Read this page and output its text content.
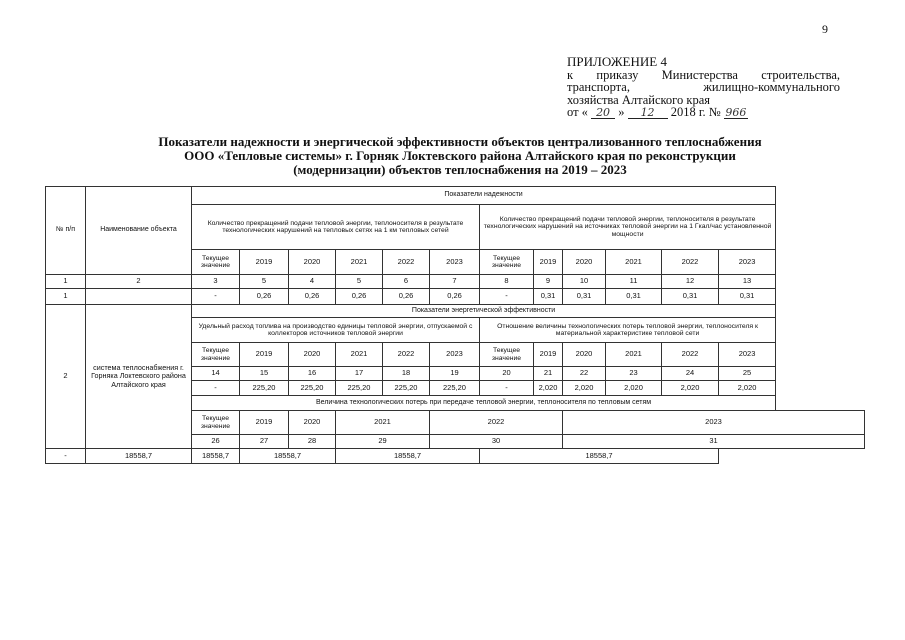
9
ПРИЛОЖЕНИЕ 4
к приказу Министерства строительства,
транспорта, жилищно-коммунального
хозяйства Алтайского края
от « 20 » 12 2018 г. № 966
Показатели надежности и энергической эффективности объектов централизованного теплоснабжения
ООО «Тепловые системы» г. Горняк Локтевского района Алтайского края по реконструкции
(модернизации) объектов теплоснабжения на 2019 – 2023
№ п/п	Наименование объекта	Показатели надежности											
		Количество прекращений подачи тепловой энергии, теплоносителя в результате технологических нарушений на тепловых сетях на 1 км тепловых сетей						Количество прекращений подачи тепловой энергии, теплоносителя в результате технологических нарушений на источниках тепловой энергии на 1 Гкал/час установленной мощности					
		Текущее значение	2019	2020	2021	2022	2023	Текущее значение	2019	2020	2021	2022	2023
1	2	3	5	4	5	6	7	8	9	10	11	12	13
1		-	0,26	0,26	0,26	0,26	0,26	-	0,31	0,31	0,31	0,31	0,31
2	система теплоснабжения г. Горняка Локтевского района Алтайского края	Показатели энергетической эффективности											
		Удельный расход топлива на производство единицы тепловой энергии, отпускаемой с коллекторов источников тепловой энергии						Отношение величины технологических потерь тепловой энергии, теплоносителя к материальной характеристике тепловой сети					
		Текущее значение	2019	2020	2021	2022	2023	Текущее значение	2019	2020	2021	2022	2023
		14	15	16	17	18	19	20	21	22	23	24	25
		-	225,20	225,20	225,20	225,20	225,20	-	2,020	2,020	2,020	2,020	2,020
		Величина технологических потерь при передаче тепловой энергии, теплоносителя по тепловым сетям											
		Текущее значение	2019	2020	2021		2022			2023			
		26	27	28	29		30			31			
-	18558,7	18558,7	18558,7		18558,7			18558,7					
